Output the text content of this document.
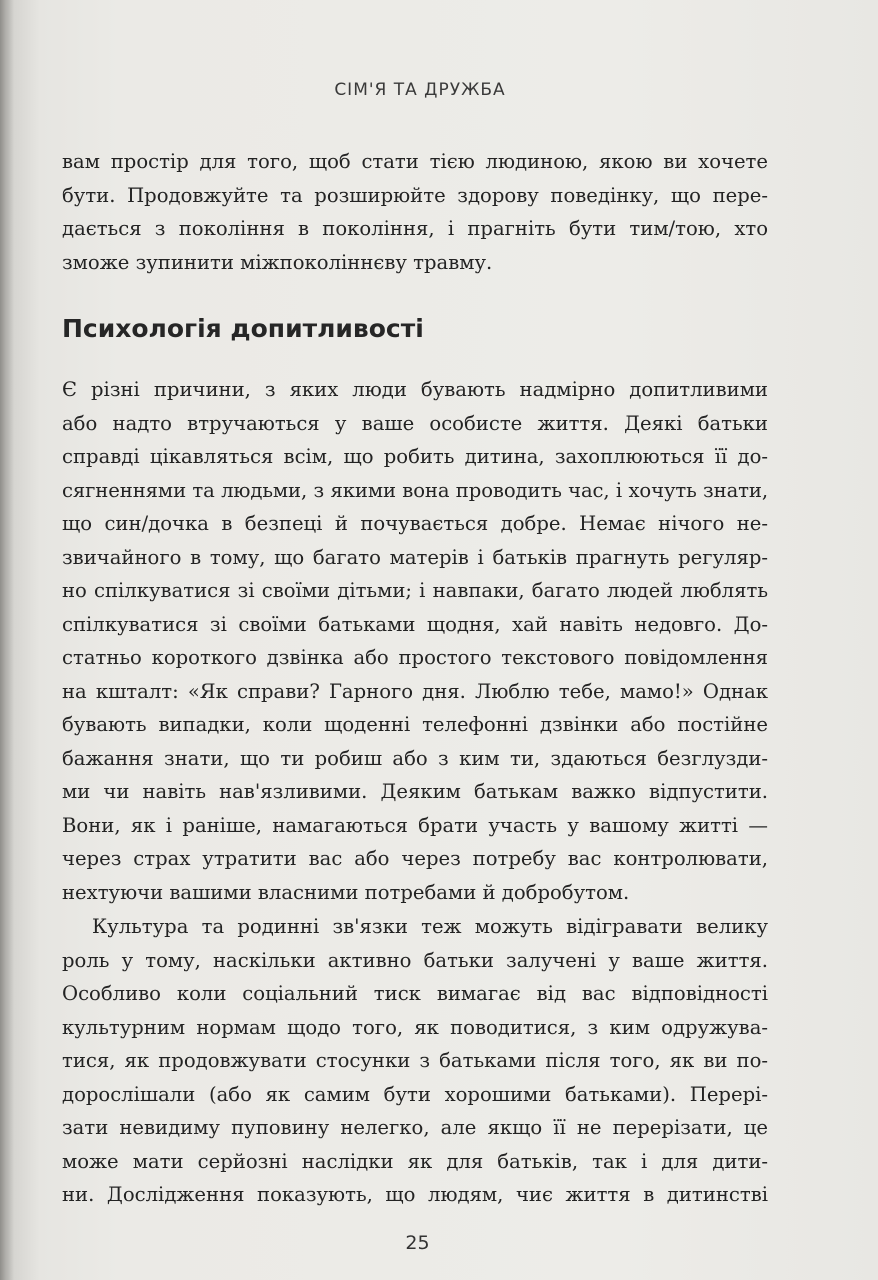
СІМ'Я ТА ДРУЖБА
вам простір для того, щоб стати тією людиною, якою ви хочете
бути. Продовжуйте та розширюйте здорову поведінку, що пере-
дається з покоління в покоління, і прагніть бути тим/тою, хто
зможе зупинити міжпоколіннєву травму.
Психологія допитливості
Є різні причини, з яких люди бувають надмірно допитливими
або надто втручаються у ваше особисте життя. Деякі батьки
справді цікавляться всім, що робить дитина, захоплюються її до-
сягненнями та людьми, з якими вона проводить час, і хочуть знати,
що син/дочка в безпеці й почувається добре. Немає нічого не-
звичайного в тому, що багато матерів і батьків прагнуть регуляр-
но спілкуватися зі своїми дітьми; і навпаки, багато людей люблять
спілкуватися зі своїми батьками щодня, хай навіть недовго. До-
статньо короткого дзвінка або простого текстового повідомлення
на кшталт: «Як справи? Гарного дня. Люблю тебе, мамо!» Однак
бувають випадки, коли щоденні телефонні дзвінки або постійне
бажання знати, що ти робиш або з ким ти, здаються безглузди-
ми чи навіть нав'язливими. Деяким батькам важко відпустити.
Вони, як і раніше, намагаються брати участь у вашому житті —
через страх утратити вас або через потребу вас контролювати,
нехтуючи вашими власними потребами й добробутом.
Культура та родинні зв'язки теж можуть відігравати велику
роль у тому, наскільки активно батьки залучені у ваше життя.
Особливо коли соціальний тиск вимагає від вас відповідності
культурним нормам щодо того, як поводитися, з ким одружува-
тися, як продовжувати стосунки з батьками після того, як ви по-
дорослішали (або як самим бути хорошими батьками). Перері-
зати невидиму пуповину нелегко, але якщо її не перерізати, це
може мати серйозні наслідки як для батьків, так і для дити-
ни. Дослідження показують, що людям, чиє життя в дитинстві
25
